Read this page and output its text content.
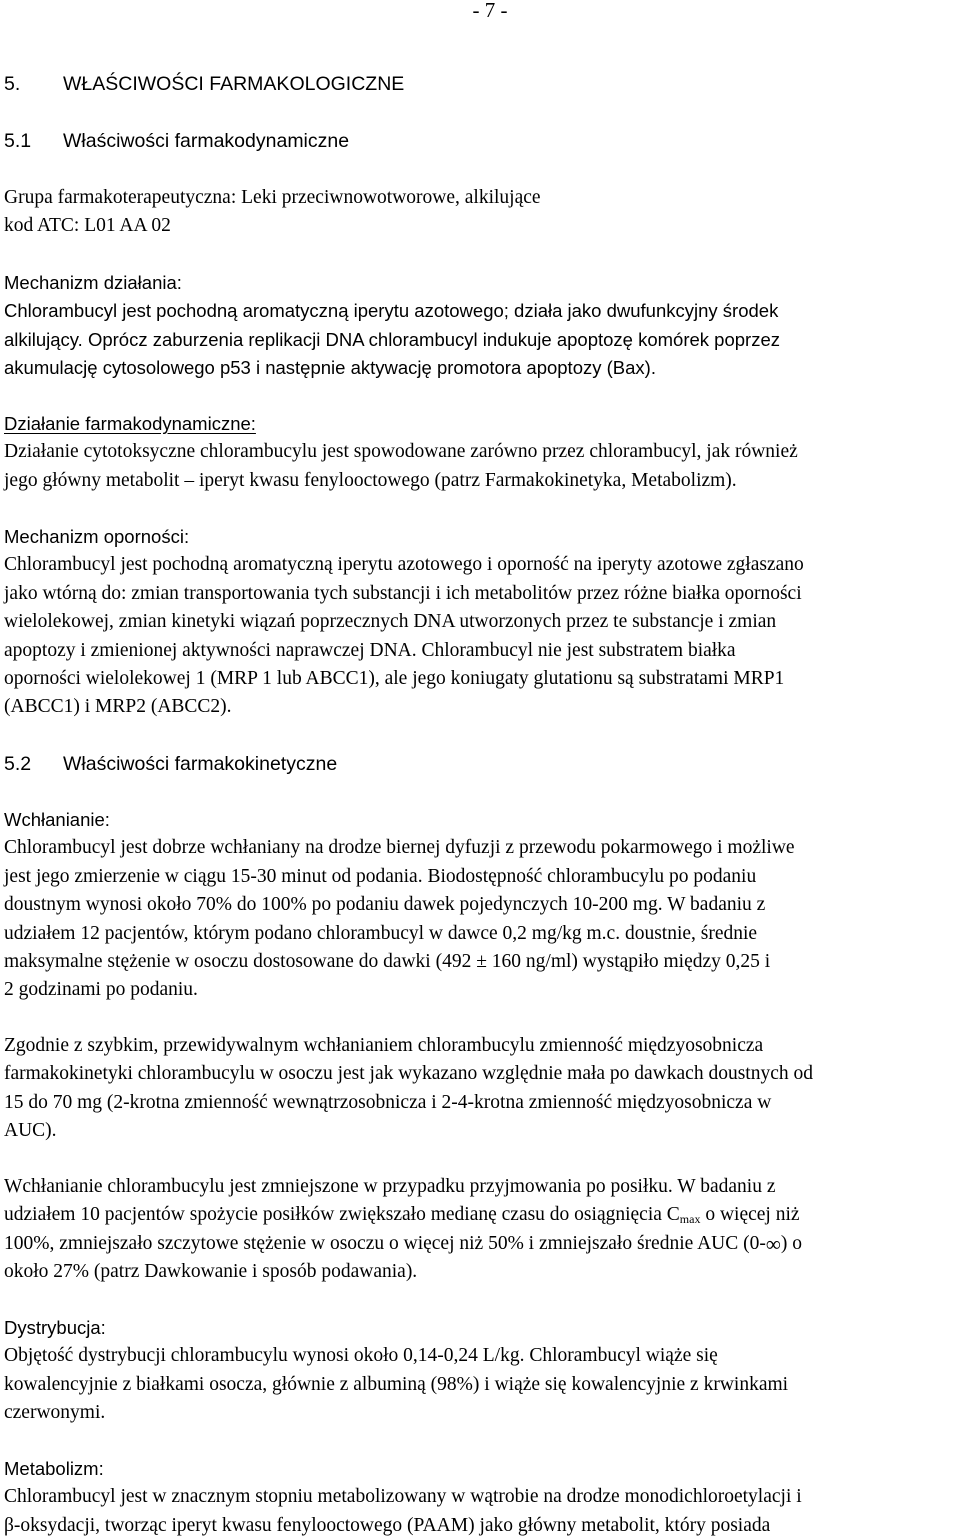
- 7 -
5. WŁAŚCIWOŚCI FARMAKOLOGICZNE
5.1 Właściwości farmakodynamiczne
Grupa farmakoterapeutyczna: Leki przeciwnowotworowe, alkilujące
kod ATC: L01 AA 02
Mechanizm działania:
Chlorambucyl jest pochodną aromatyczną iperytu azotowego; działa jako dwufunkcyjny środek
alkilujący. Oprócz zaburzenia replikacji DNA chlorambucyl indukuje apoptozę komórek poprzez
akumulację cytosolowego p53 i następnie aktywację promotora apoptozy (Bax).
Działanie farmakodynamiczne:
Działanie cytotoksyczne chlorambucylu jest spowodowane zarówno przez chlorambucyl, jak również
jego główny metabolit – iperyt kwasu fenylooctowego (patrz Farmakokinetyka, Metabolizm).
Mechanizm oporności:
Chlorambucyl jest pochodną aromatyczną iperytu azotowego i oporność na iperyty azotowe zgłaszano
jako wtórną do: zmian transportowania tych substancji i ich metabolitów przez różne białka oporności
wielolekowej, zmian kinetyki wiązań poprzecznych DNA utworzonych przez te substancje i zmian
apoptozy i zmienionej aktywności naprawczej DNA. Chlorambucyl nie jest substratem białka
oporności wielolekowej 1 (MRP 1 lub ABCC1), ale jego koniugaty glutationu są substratami MRP1
(ABCC1) i MRP2 (ABCC2).
5.2 Właściwości farmakokinetyczne
Wchłanianie:
Chlorambucyl jest dobrze wchłaniany na drodze biernej dyfuzji z przewodu pokarmowego i możliwe
jest jego zmierzenie w ciągu 15-30 minut od podania. Biodostępność chlorambucylu po podaniu
doustnym wynosi około 70% do 100% po podaniu dawek pojedynczych 10-200 mg. W badaniu z
udziałem 12 pacjentów, którym podano chlorambucyl w dawce 0,2 mg/kg m.c. doustnie, średnie
maksymalne stężenie w osoczu dostosowane do dawki (492 ± 160 ng/ml) wystąpiło między 0,25 i
2 godzinami po podaniu.
Zgodnie z szybkim, przewidywalnym wchłanianiem chlorambucylu zmienność międzyosobnicza
farmakokinetyki chlorambucylu w osoczu jest jak wykazano względnie mała po dawkach doustnych od
15 do 70 mg (2-krotna zmienność wewnątrzosobnicza i 2-4-krotna zmienność międzyosobnicza w
AUC).
Wchłanianie chlorambucylu jest zmniejszone w przypadku przyjmowania po posiłku. W badaniu z
udziałem 10 pacjentów spożycie posiłków zwiększało medianę czasu do osiągnięcia $C_{max}$ o więcej niż
100%, zmniejszało szczytowe stężenie w osoczu o więcej niż 50% i zmniejszało średnie AUC (0-∞) o
około 27% (patrz Dawkowanie i sposób podawania).
Dystrybucja:
Objętość dystrybucji chlorambucylu wynosi około 0,14-0,24 L/kg. Chlorambucyl wiąże się
kowalencyjnie z białkami osocza, głównie z albuminą (98%) i wiąże się kowalencyjnie z krwinkami
czerwonymi.
Metabolizm:
Chlorambucyl jest w znacznym stopniu metabolizowany w wątrobie na drodze monodichloroetylacji i
β-oksydacji, tworząc iperyt kwasu fenylooctowego (PAAM) jako główny metabolit, który posiada
